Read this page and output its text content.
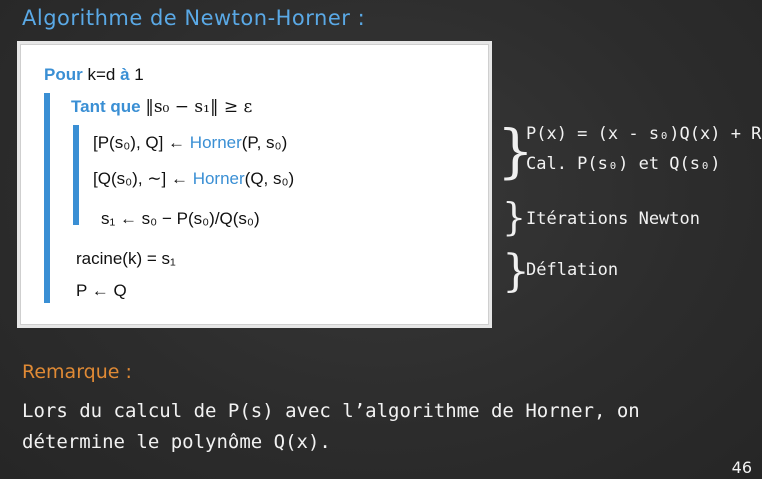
Algorithme de Newton-Horner :
Pour k=d à 1
Tant que ‖s₀ − s₁‖ ≥ ε
[P(s₀), Q] ← Horner(P, s₀)
[Q(s₀), ∼] ← Horner(Q, s₀)
s₁ ← s₀ − P(s₀)/Q(s₀)
racine(k) = s₁
P ← Q
}
P(x) = (x - s₀)Q(x) + R
Cal. P(s₀) et Q(s₀)
} Itérations Newton
}
Déflation
Remarque :
Lors du calcul de P(s) avec l’algorithme de Horner, on détermine le polynôme Q(x).
46
